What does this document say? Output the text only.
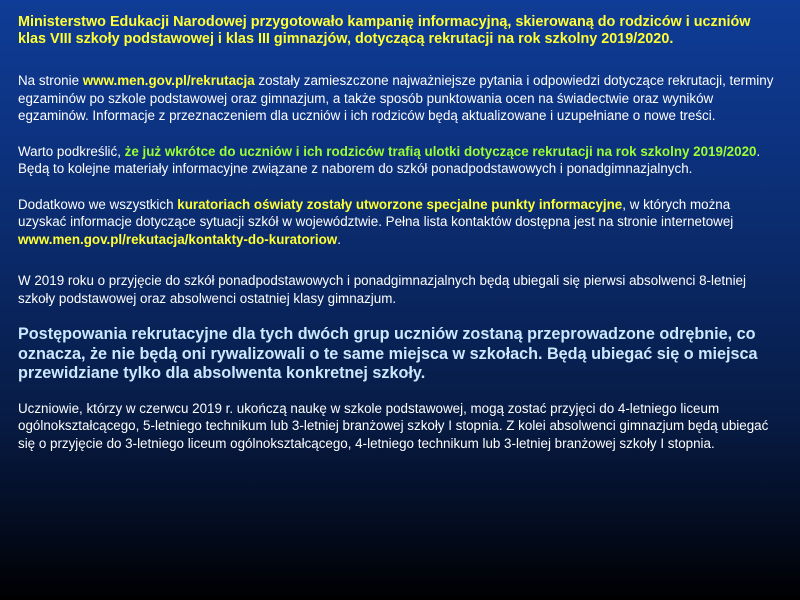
Ministerstwo Edukacji Narodowej przygotowało kampanię informacyjną, skierowaną do rodziców i uczniów klas VIII szkoły podstawowej i klas III gimnazjów, dotyczącą rekrutacji na rok szkolny 2019/2020.

Na stronie www.men.gov.pl/rekrutacja zostały zamieszczone najważniejsze pytania i odpowiedzi dotyczące rekrutacji, terminy egzaminów po szkole podstawowej oraz gimnazjum, a także sposób punktowania ocen na świadectwie oraz wyników egzaminów. Informacje z przeznaczeniem dla uczniów i ich rodziców będą aktualizowane i uzupełniane o nowe treści.

Warto podkreślić, że już wkrótce do uczniów i ich rodziców trafią ulotki dotyczące rekrutacji na rok szkolny 2019/2020. Będą to kolejne materiały informacyjne związane z naborem do szkół ponadpodstawowych i ponadgimnazjalnych.

Dodatkowo we wszystkich kuratoriach oświaty zostały utworzone specjalne punkty informacyjne, w których można uzyskać informacje dotyczące sytuacji szkół w województwie. Pełna lista kontaktów dostępna jest na stronie internetowej www.men.gov.pl/rekutacja/kontakty-do-kuratoriow.

W 2019 roku o przyjęcie do szkół ponadpodstawowych i ponadgimnazjalnych będą ubiegali się pierwsi absolwenci 8-letniej szkoły podstawowej oraz absolwenci ostatniej klasy gimnazjum.

Postępowania rekrutacyjne dla tych dwóch grup uczniów zostaną przeprowadzone odrębnie, co oznacza, że nie będą oni rywalizowali o te same miejsca w szkołach. Będą ubiegać się o miejsca przewidziane tylko dla absolwenta konkretnej szkoły.

Uczniowie, którzy w czerwcu 2019 r. ukończą naukę w szkole podstawowej, mogą zostać przyjęci do 4-letniego liceum ogólnokształcącego, 5-letniego technikum lub 3-letniej branżowej szkoły I stopnia. Z kolei absolwenci gimnazjum będą ubiegać się o przyjęcie do 3-letniego liceum ogólnokształcącego, 4-letniego technikum lub 3-letniej branżowej szkoły I stopnia.
